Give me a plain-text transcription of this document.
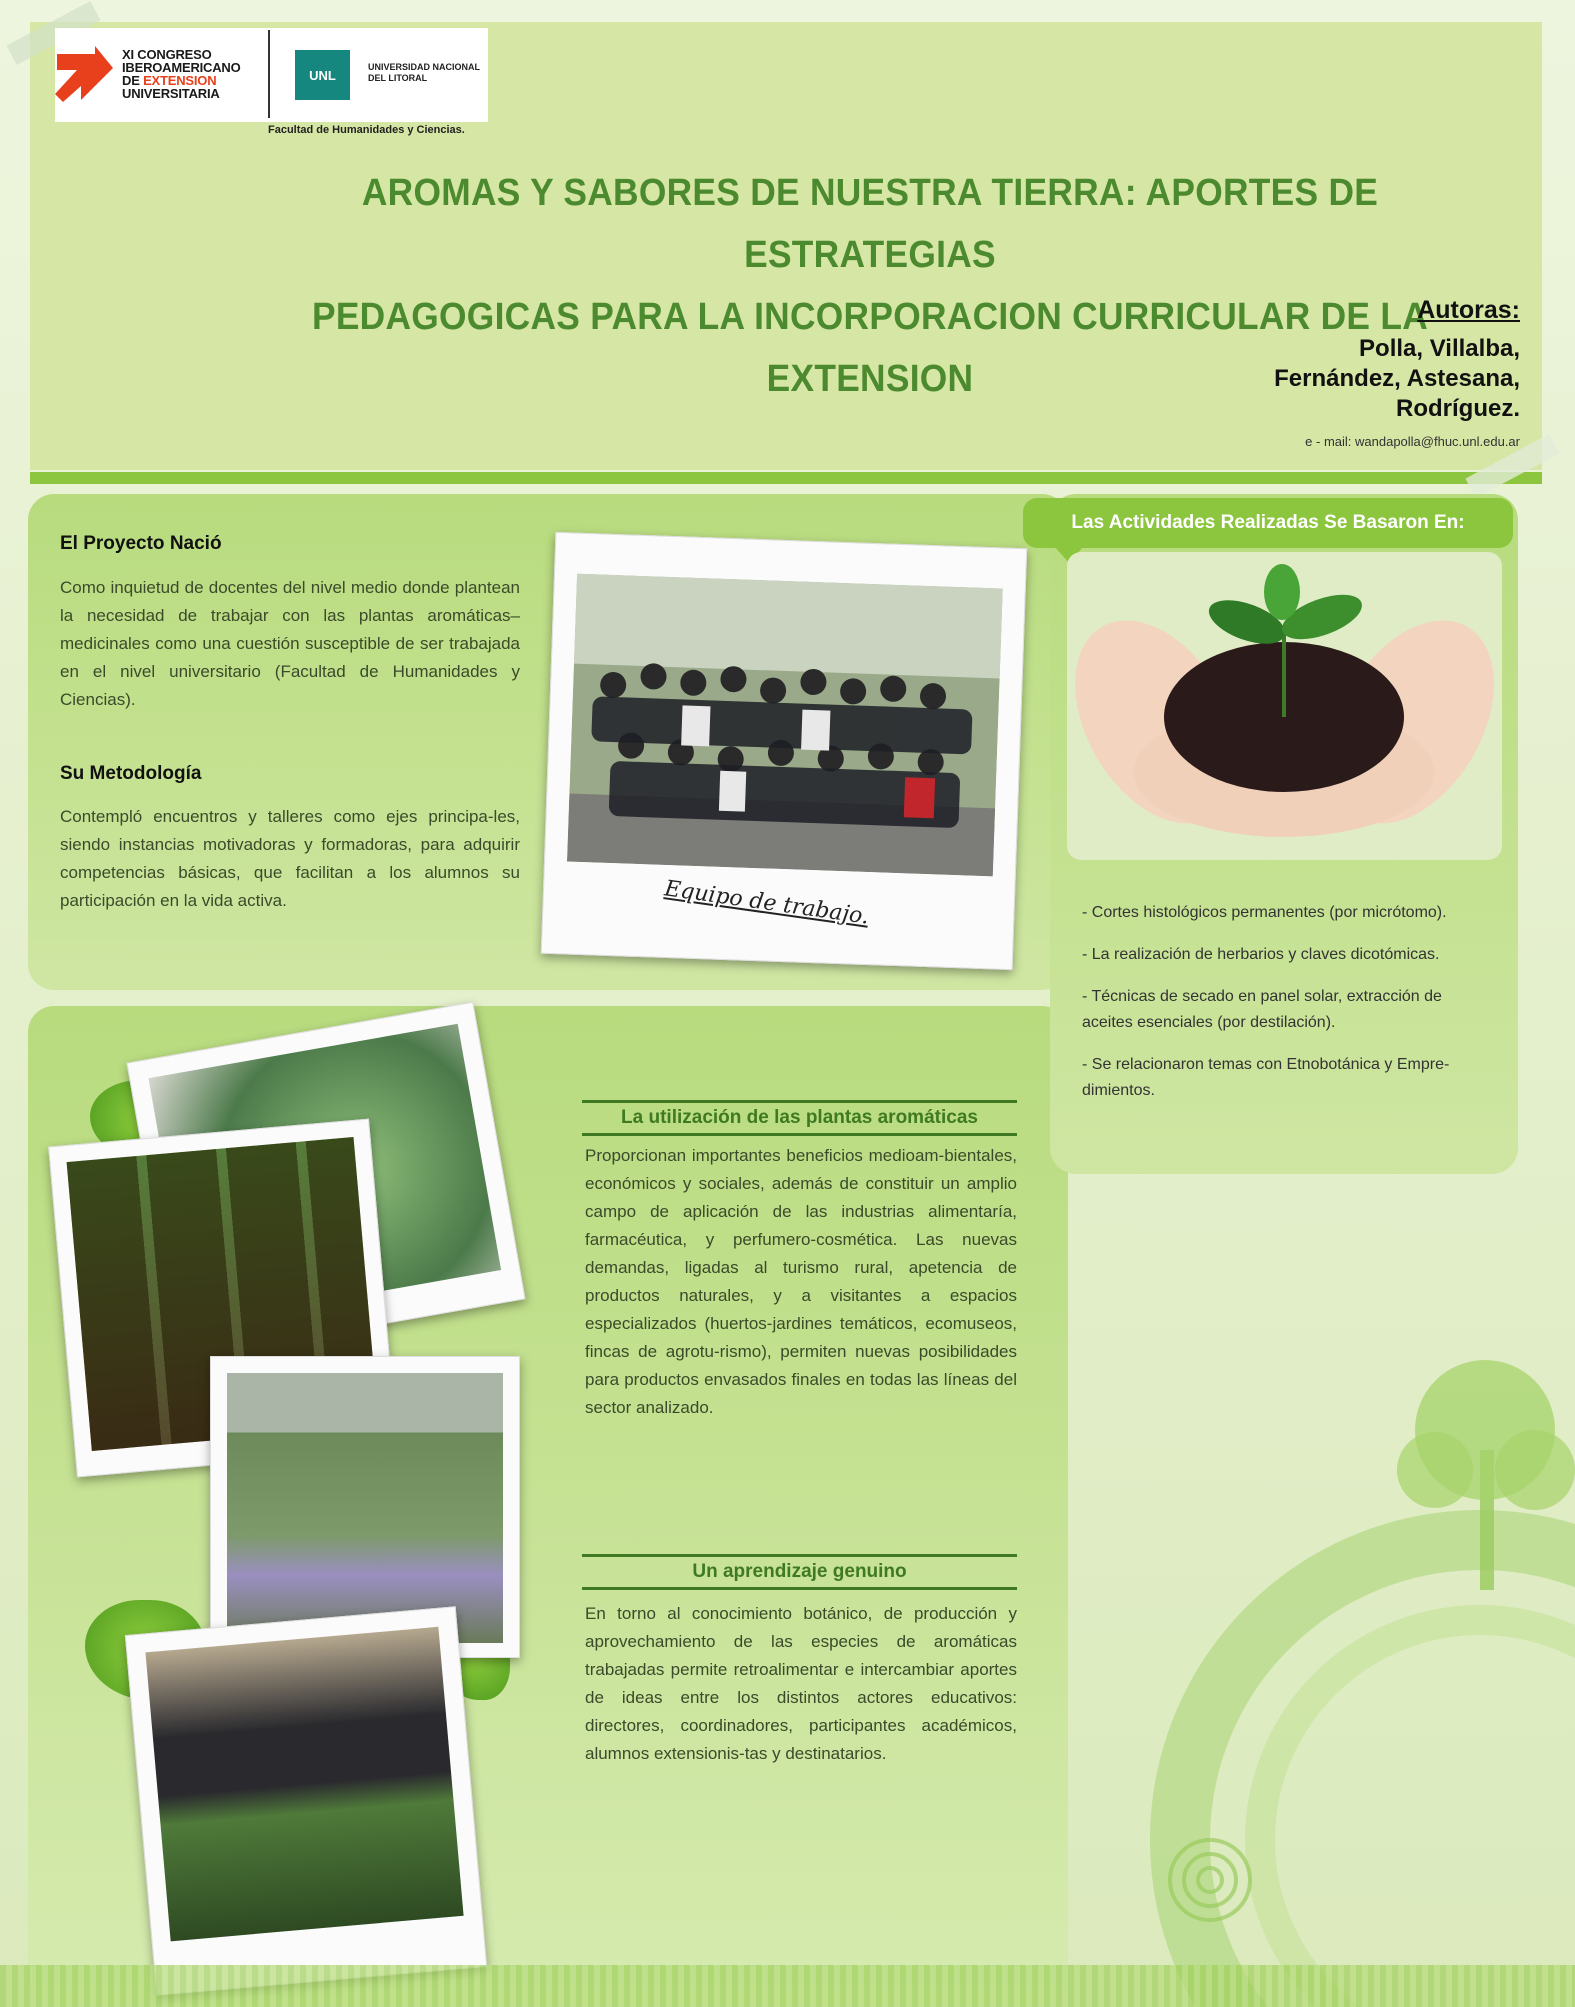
XI CONGRESO
IBEROAMERICANO
DE EXTENSION
UNIVERSITARIA
UNL
UNIVERSIDAD NACIONAL
DEL LITORAL
Facultad de Humanidades y Ciencias.
AROMAS Y SABORES DE NUESTRA TIERRA: APORTES DE ESTRATEGIAS
PEDAGOGICAS PARA LA INCORPORACION CURRICULAR DE LA EXTENSION
Autoras:
Polla, Villalba,
Fernández, Astesana,
Rodríguez.
e - mail: wandapolla@fhuc.unl.edu.ar
El Proyecto Nació
Como inquietud de docentes del nivel medio donde plantean la necesidad de trabajar con las plantas aromáticas–medicinales como una cuestión susceptible de ser trabajada en el nivel universitario (Facultad de Humanidades y Ciencias).
Su Metodología
Contempló encuentros y talleres como ejes principa-les, siendo instancias motivadoras y formadoras, para adquirir competencias básicas, que facilitan a los alumnos su participación en la vida activa.	Equipo de trabajo.
Las Actividades Realizadas Se Basaron En:
- Cortes histológicos permanentes (por micrótomo).
- La realización de herbarios y claves dicotómicas.
- Técnicas de secado en panel solar, extracción de aceites esenciales (por destilación).
- Se relacionaron temas con Etnobotánica y Empre-dimientos.
La utilización de las plantas aromáticas
Proporcionan importantes beneficios medioam-bientales, económicos y sociales, además de constituir un amplio campo de aplicación de las industrias alimentaría, farmacéutica, y perfumero-cosmética. Las nuevas demandas, ligadas al turismo rural, apetencia de productos naturales, y a visitantes a espacios especializados (huertos-jardines temáticos, ecomuseos, fincas de agrotu-rismo), permiten nuevas posibilidades para productos envasados finales en todas las líneas del sector analizado.
Un aprendizaje genuino
En torno al conocimiento botánico, de producción y aprovechamiento de las especies de aromáticas trabajadas permite retroalimentar e intercambiar aportes de ideas entre los distintos actores educativos: directores, coordinadores, participantes académicos, alumnos extensionis-tas y destinatarios.
